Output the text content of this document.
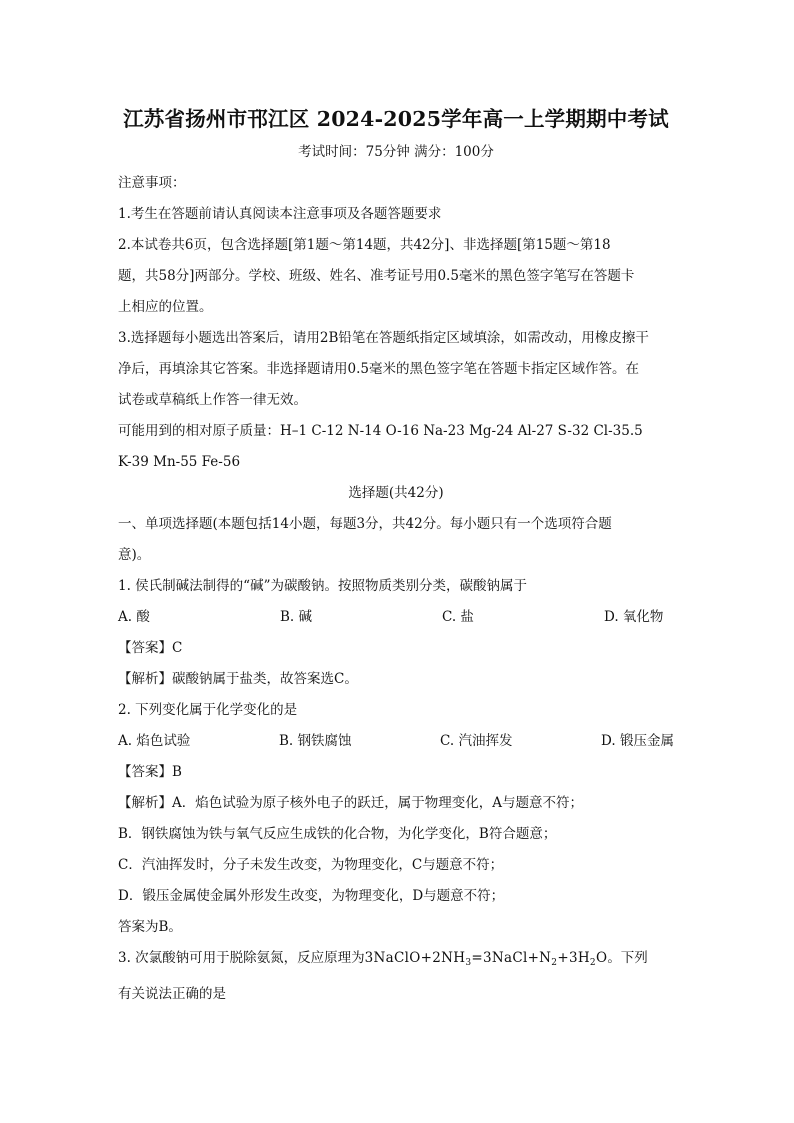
江苏省扬州市邗江区 2024-2025学年高一上学期期中考试
考试时间：75分钟 满分：100分
注意事项：
1.考生在答题前请认真阅读本注意事项及各题答题要求
2.本试卷共6页，包含选择题[第1题～第14题，共42分]、非选择题[第15题～第18
题，共58分]两部分。学校、班级、姓名、准考证号用0.5毫米的黑色签字笔写在答题卡
上相应的位置。
3.选择题每小题选出答案后，请用2B铅笔在答题纸指定区域填涂，如需改动，用橡皮擦干
净后，再填涂其它答案。非选择题请用0.5毫米的黑色签字笔在答题卡指定区域作答。在
试卷或草稿纸上作答一律无效。
可能用到的相对原子质量：H–1 C-12 N-14 O-16 Na-23 Mg-24 Al-27 S-32 Cl-35.5
K-39 Mn-55 Fe-56
选择题(共42分)
一、单项选择题(本题包括14小题，每题3分，共42分。每小题只有一个选项符合题
意)。
1. 侯氏制碱法制得的“碱”为碳酸钠。按照物质类别分类，碳酸钠属于
A. 酸	B. 碱	C. 盐	D. 氧化物
【答案】C
【解析】碳酸钠属于盐类，故答案选C。
2. 下列变化属于化学变化的是
A. 焰色试验	B. 钢铁腐蚀	C. 汽油挥发	D. 锻压金属
【答案】B
【解析】A．焰色试验为原子核外电子的跃迁，属于物理变化，A与题意不符；
B．钢铁腐蚀为铁与氧气反应生成铁的化合物，为化学变化，B符合题意；
C．汽油挥发时，分子未发生改变，为物理变化，C与题意不符；
D．锻压金属使金属外形发生改变，为物理变化，D与题意不符；
答案为B。
3. 次氯酸钠可用于脱除氨氮，反应原理为$3NaClO+2NH_3=3NaCl+N_2+3H_2O$。下列
有关说法正确的是
